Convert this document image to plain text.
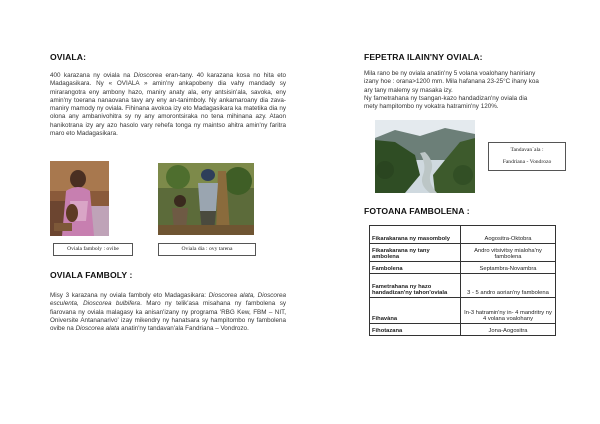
OVIALA:
400 karazana ny oviala na Dioscorea eran-tany. 40 karazana kosa no hita eto Madagasikara. Ny « OVIALA » amin'ny ankapobeny dia vahy mandady sy mirarangotra eny ambony hazo, maniry anaty ala, eny antsisin'ala, savoka, eny amin'ny toerana nanaovana tavy ary eny an-tanimboly. Ny ankamaroany dia zava-maniry mamody ny oviala. Fihinana avokoa izy eto Madagasikara ka matetika dia ny olona any ambanivohitra sy ny any amorontsiraka no tena mihinana azy. Ataon hanikotrana izy ary azo hasolo vary rehefa tonga ny maintso ahitra amin'ny faritra maro eto Madagasikara.
Oviala famboly : ovibe	Oviala dia : ovy tarena
OVIALA FAMBOLY :
Misy 3 karazana ny oviala famboly eto Madagasikara: Dioscorea alata, Dioscorea esculenta, Dioscorea bulbifera. Maro ny telik'asa misahana ny fambolena sy fiarovana ny oviala malagasy ka anisan'izany ny programa 'RBG Kew, FBM – NIT, Oniversite Antananarivo' izay mikendry ny hanatsara sy hampitombo ny fambolena ovibe na Dioscorea alata anatin'ny tandavan'ala Fandriana – Vondrozo.
FEPETRA ILAIN'NY OVIALA:
Mila rano be ny oviala anatin'ny 5 volana voalohany haniriany
izany hoe : orana>1200 mm. Mila hafanana 23-25°C ihany koa
ary tany malemy sy masaka izy.
Ny fametrahana ny tsangan-kazo handadizan'ny oviala dia
mety hampitombo ny vokatra hatramin'ny 120%.
Tandavan`ala :
Fandriana - Vondrozo
FOTOANA FAMBOLENA :
Fikarakarana ny masomboly	Aogositra-Oktobra
Fikarakarana ny tany ambolena	Andro vitsivitsy mialoha'ny fambolena
Fambolena	Septambra-Novambra
Fametrahana ny hazo handadizan'ny tahon'oviala	3 - 5 andro aorian'ny fambolena
Fihavàna	In-3 hatramin'ny in- 4 mandritry ny 4 volana voalohany
Fihotazana	Jona-Aogositra
